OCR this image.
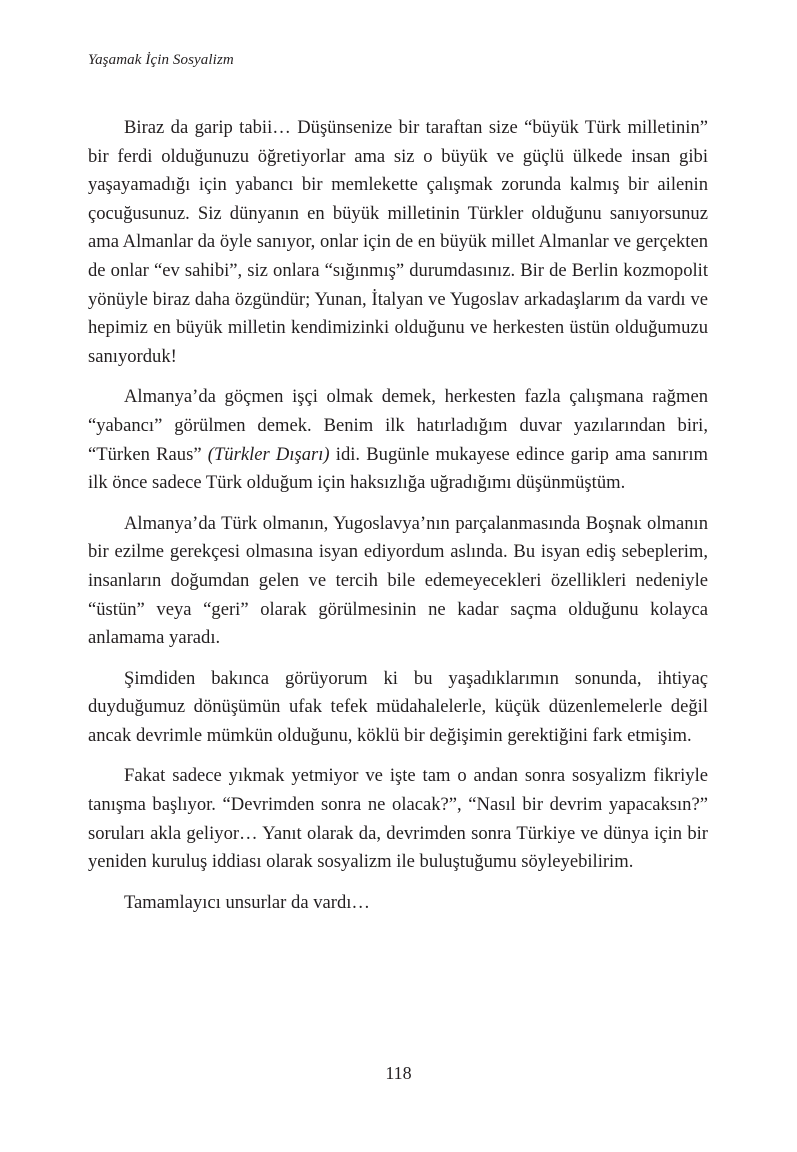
Yaşamak İçin Sosyalizm

Biraz da garip tabii… Düşünsenize bir taraftan size “büyük Türk milletinin” bir ferdi olduğunuzu öğretiyorlar ama siz o büyük ve güçlü ülkede insan gibi yaşayamadığı için yabancı bir memlekette çalışmak zorunda kalmış bir ailenin çocuğusunuz. Siz dünyanın en büyük milletinin Türkler olduğunu sanıyorsunuz ama Almanlar da öyle sanıyor, onlar için de en büyük millet Almanlar ve gerçekten de onlar “ev sahibi”, siz onlara “sığınmış” durumdasınız. Bir de Berlin kozmopolit yönüyle biraz daha özgündür; Yunan, İtalyan ve Yugoslav arkadaşlarım da vardı ve hepimiz en büyük milletin kendimizinki olduğunu ve herkesten üstün olduğumuzu sanıyorduk!

Almanya’da göçmen işçi olmak demek, herkesten fazla çalışmana rağmen “yabancı” görülmen demek. Benim ilk hatırladığım duvar yazılarından biri, “Türken Raus” (Türkler Dışarı) idi. Bugünle mukayese edince garip ama sanırım ilk önce sadece Türk olduğum için haksızlığa uğradığımı düşünmüştüm.

Almanya’da Türk olmanın, Yugoslavya’nın parçalanmasında Boşnak olmanın bir ezilme gerekçesi olmasına isyan ediyordum aslında. Bu isyan ediş sebeplerim, insanların doğumdan gelen ve tercih bile edemeyecekleri özellikleri nedeniyle “üstün” veya “geri” olarak görülmesinin ne kadar saçma olduğunu kolayca anlamama yaradı.

Şimdiden bakınca görüyorum ki bu yaşadıklarımın sonunda, ihtiyaç duyduğumuz dönüşümün ufak tefek müdahalelerle, küçük düzenlemelerle değil ancak devrimle mümkün olduğunu, köklü bir değişimin gerektiğini fark etmişim.

Fakat sadece yıkmak yetmiyor ve işte tam o andan sonra sosyalizm fikriyle tanışma başlıyor. “Devrimden sonra ne olacak?”, “Nasıl bir devrim yapacaksın?” soruları akla geliyor… Yanıt olarak da, devrimden sonra Türkiye ve dünya için bir yeniden kuruluş iddiası olarak sosyalizm ile buluştuğumu söyleyebilirim.

Tamamlayıcı unsurlar da vardı…

118
